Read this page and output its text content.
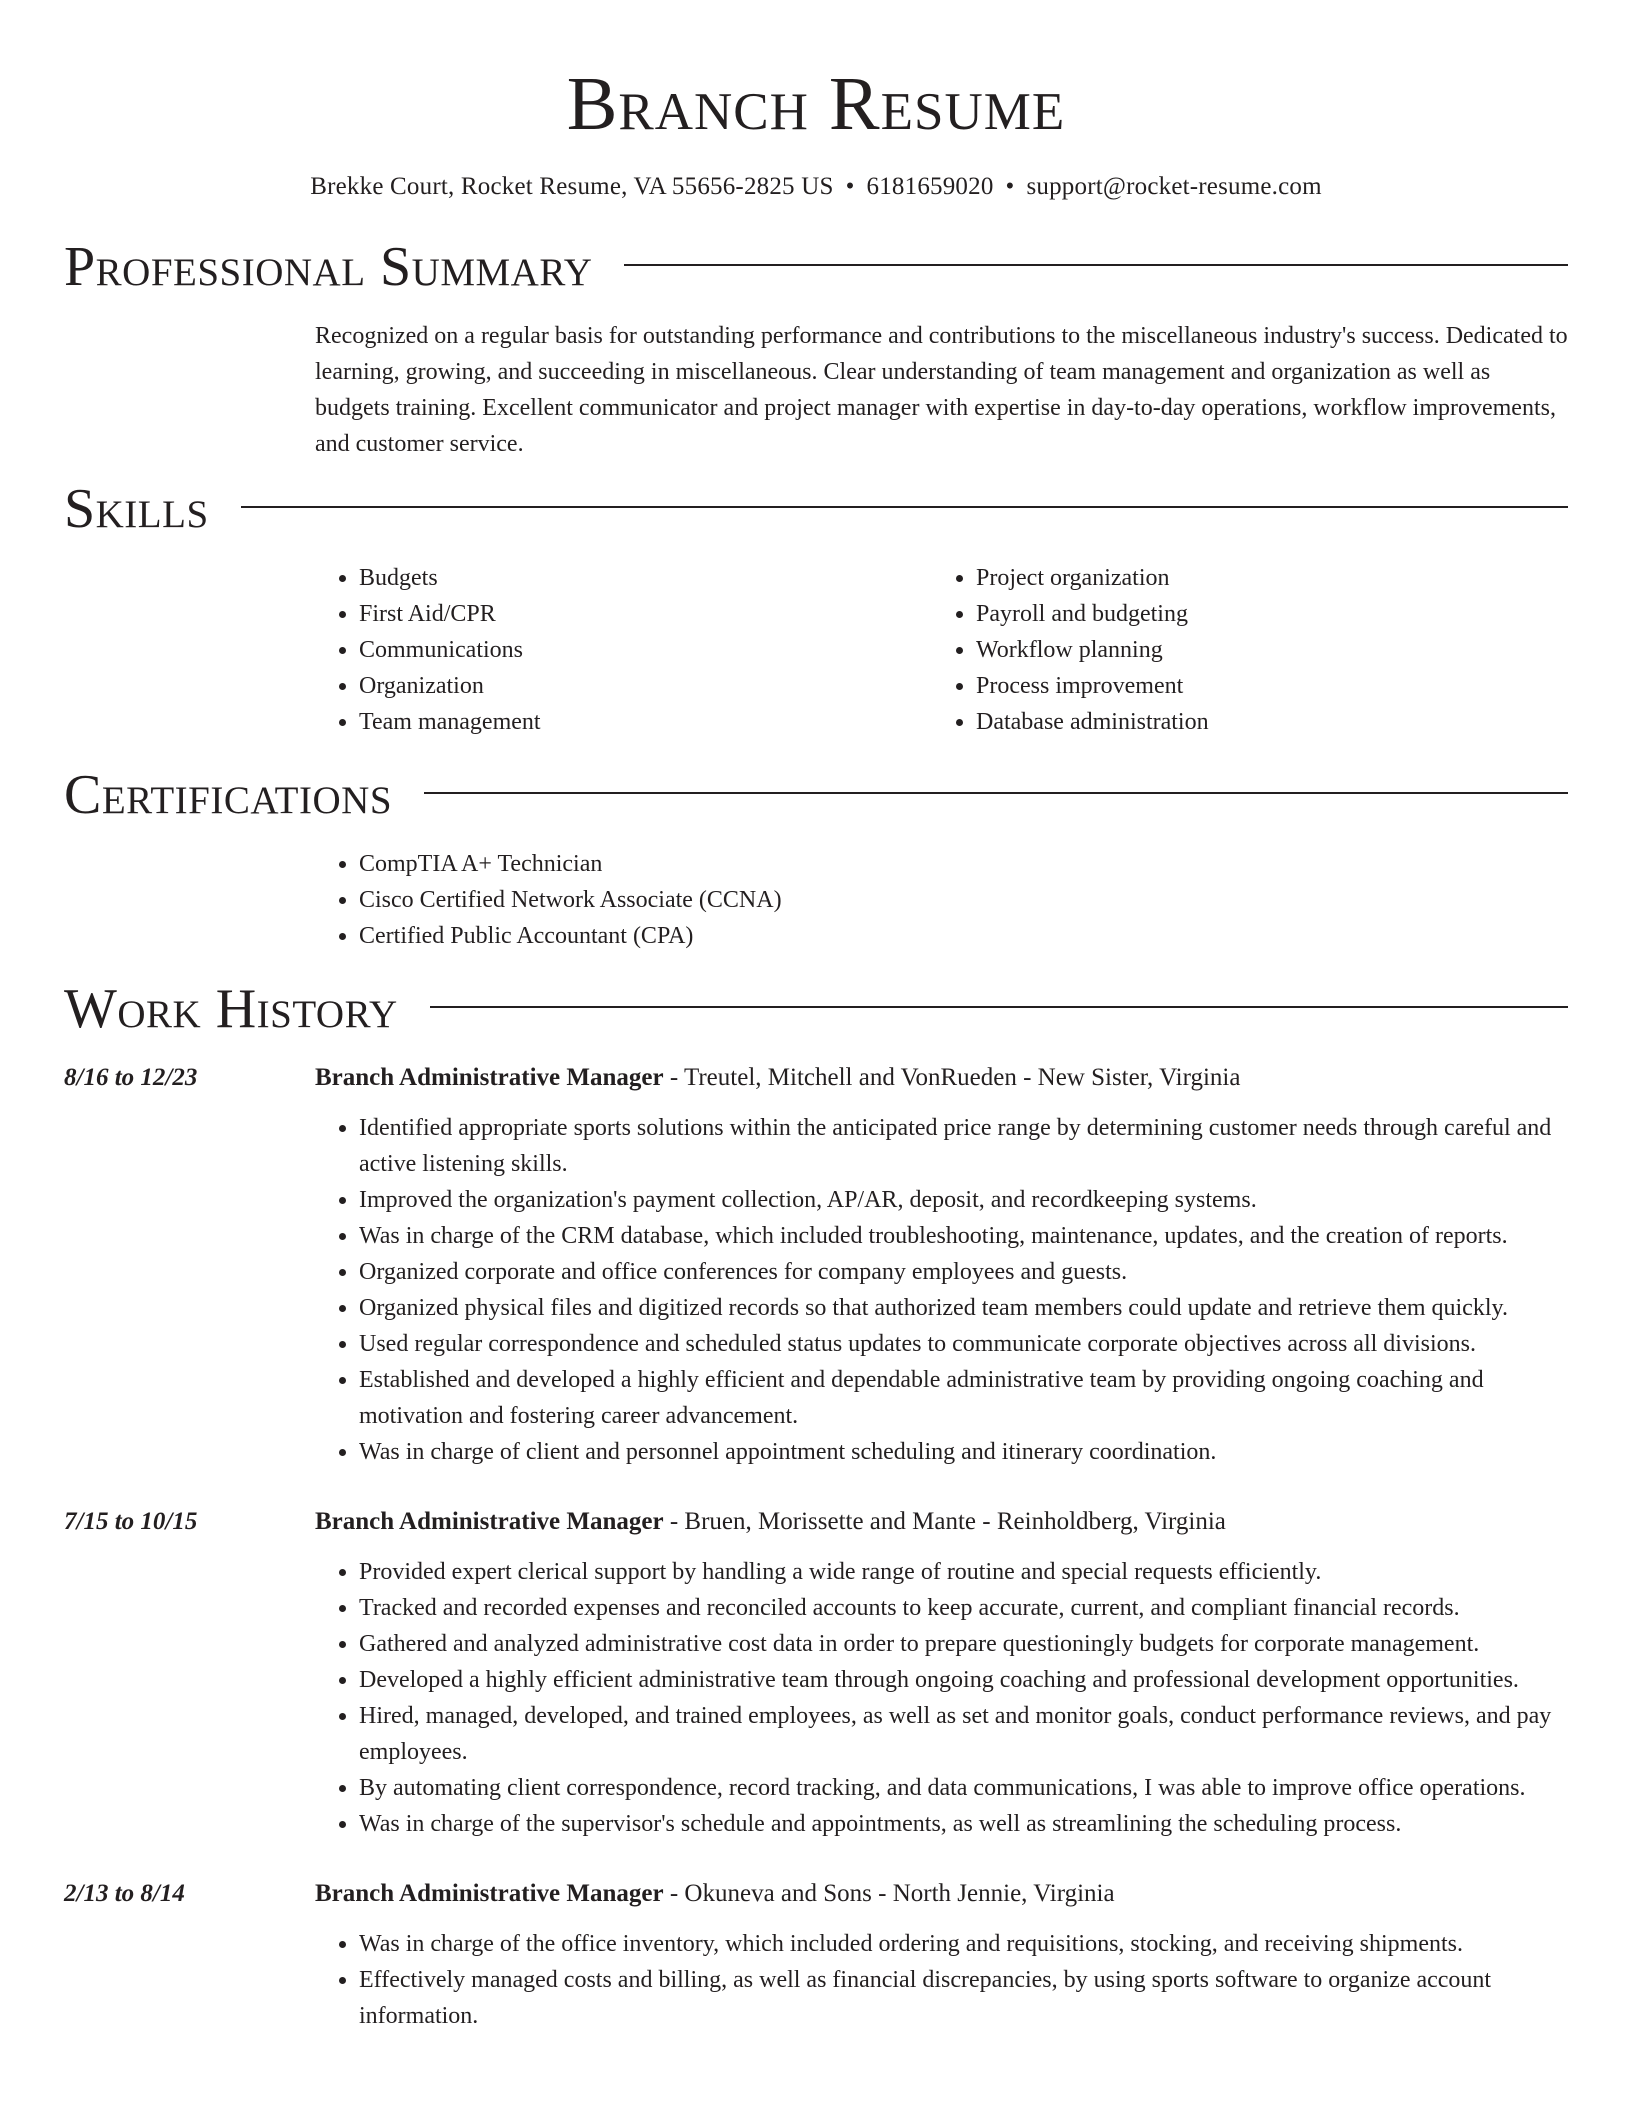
Branch Resume
Brekke Court, Rocket Resume, VA 55656-2825 US • 6181659020 • support@rocket-resume.com
Professional Summary
Recognized on a regular basis for outstanding performance and contributions to the miscellaneous industry's success. Dedicated to learning, growing, and succeeding in miscellaneous. Clear understanding of team management and organization as well as budgets training. Excellent communicator and project manager with expertise in day-to-day operations, workflow improvements, and customer service.
Skills
• Budgets
• First Aid/CPR
• Communications
• Organization
• Team management
• Project organization
• Payroll and budgeting
• Workflow planning
• Process improvement
• Database administration
Certifications
• CompTIA A+ Technician
• Cisco Certified Network Associate (CCNA)
• Certified Public Accountant (CPA)
Work History
8/16 to 12/23	Branch Administrative Manager - Treutel, Mitchell and VonRueden - New Sister, Virginia
• Identified appropriate sports solutions within the anticipated price range by determining customer needs through careful and active listening skills.
• Improved the organization's payment collection, AP/AR, deposit, and recordkeeping systems.
• Was in charge of the CRM database, which included troubleshooting, maintenance, updates, and the creation of reports.
• Organized corporate and office conferences for company employees and guests.
• Organized physical files and digitized records so that authorized team members could update and retrieve them quickly.
• Used regular correspondence and scheduled status updates to communicate corporate objectives across all divisions.
• Established and developed a highly efficient and dependable administrative team by providing ongoing coaching and motivation and fostering career advancement.
• Was in charge of client and personnel appointment scheduling and itinerary coordination.
7/15 to 10/15	Branch Administrative Manager - Bruen, Morissette and Mante - Reinholdberg, Virginia
• Provided expert clerical support by handling a wide range of routine and special requests efficiently.
• Tracked and recorded expenses and reconciled accounts to keep accurate, current, and compliant financial records.
• Gathered and analyzed administrative cost data in order to prepare questioningly budgets for corporate management.
• Developed a highly efficient administrative team through ongoing coaching and professional development opportunities.
• Hired, managed, developed, and trained employees, as well as set and monitor goals, conduct performance reviews, and pay employees.
• By automating client correspondence, record tracking, and data communications, I was able to improve office operations.
• Was in charge of the supervisor's schedule and appointments, as well as streamlining the scheduling process.
2/13 to 8/14	Branch Administrative Manager - Okuneva and Sons - North Jennie, Virginia
• Was in charge of the office inventory, which included ordering and requisitions, stocking, and receiving shipments.
• Effectively managed costs and billing, as well as financial discrepancies, by using sports software to organize account information.
